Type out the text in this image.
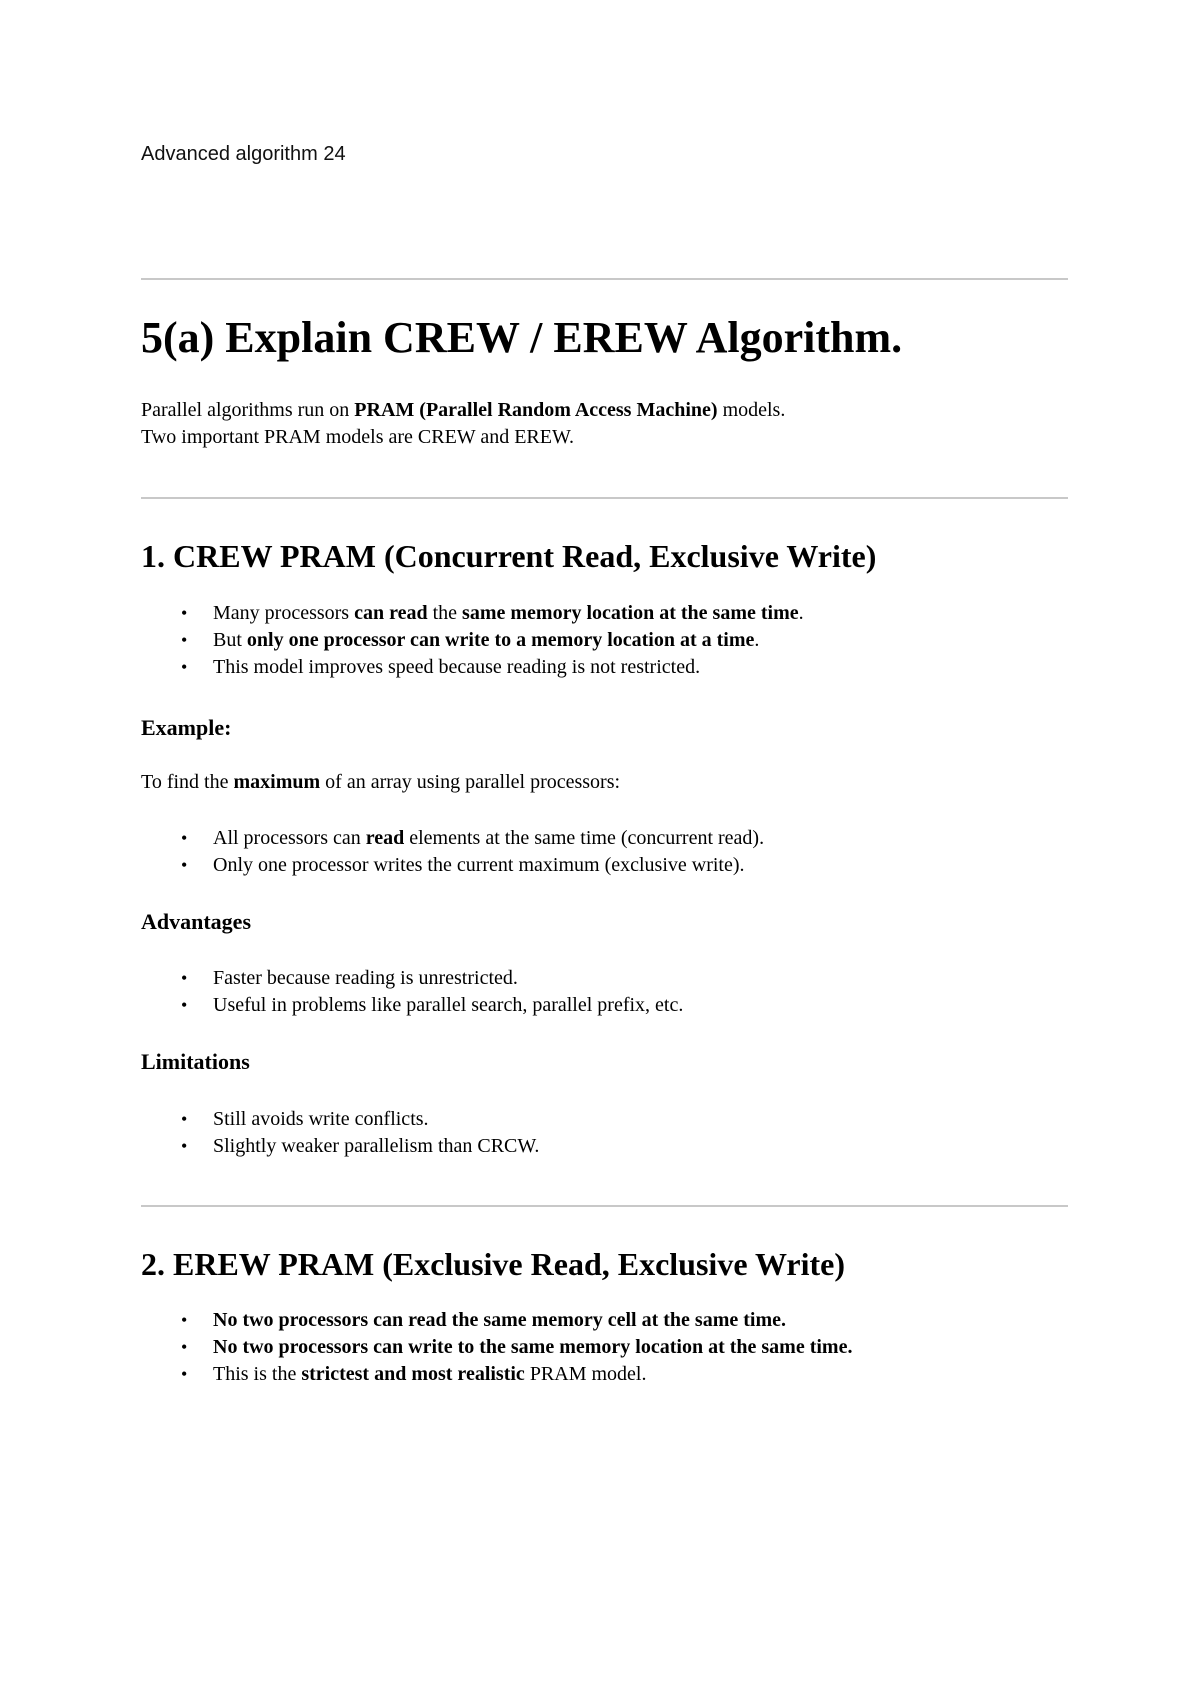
Advanced algorithm 24
5(a) Explain CREW / EREW Algorithm.

Parallel algorithms run on PRAM (Parallel Random Access Machine) models.
Two important PRAM models are CREW and EREW.

1. CREW PRAM (Concurrent Read, Exclusive Write)
• Many processors can read the same memory location at the same time.
• But only one processor can write to a memory location at a time.
• This model improves speed because reading is not restricted.
Example:

To find the maximum of an array using parallel processors:

• All processors can read elements at the same time (concurrent read).
• Only one processor writes the current maximum (exclusive write).
Advantages
• Faster because reading is unrestricted.
• Useful in problems like parallel search, parallel prefix, etc.
Limitations
• Still avoids write conflicts.
• Slightly weaker parallelism than CRCW.
2. EREW PRAM (Exclusive Read, Exclusive Write)
• No two processors can read the same memory cell at the same time.
• No two processors can write to the same memory location at the same time.
• This is the strictest and most realistic PRAM model.
